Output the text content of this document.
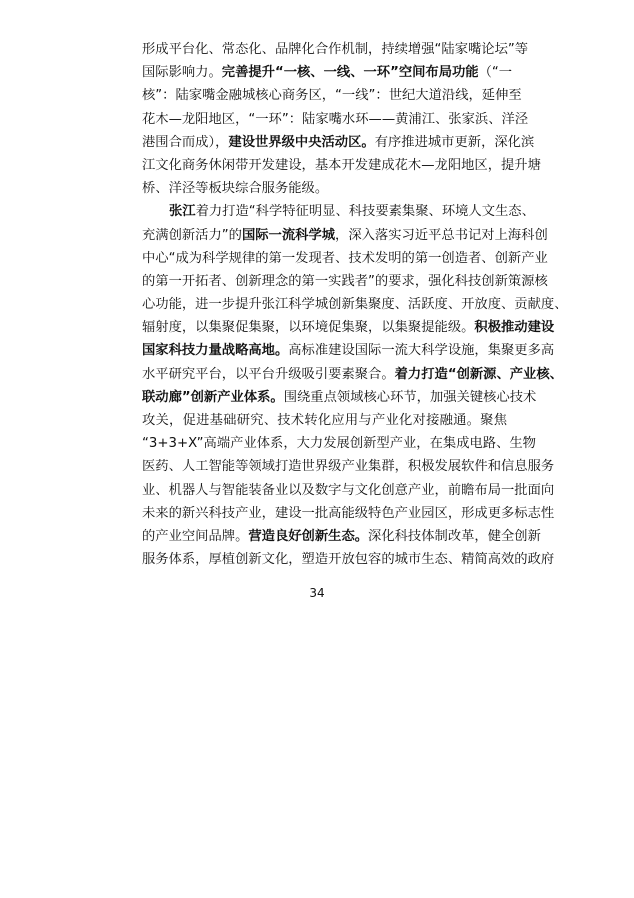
形成平台化、常态化、品牌化合作机制，持续增强“陆家嘴论坛”等
国际影响力。完善提升“一核、一线、一环”空间布局功能（“一
核”：陆家嘴金融城核心商务区，“一线”：世纪大道沿线，延伸至
花木—龙阳地区，“一环”：陆家嘴水环——黄浦江、张家浜、洋泾
港围合而成），建设世界级中央活动区。有序推进城市更新，深化滨
江文化商务休闲带开发建设，基本开发建成花木—龙阳地区，提升塘
桥、洋泾等板块综合服务能级。
张江着力打造“科学特征明显、科技要素集聚、环境人文生态、
充满创新活力”的国际一流科学城，深入落实习近平总书记对上海科创
中心“成为科学规律的第一发现者、技术发明的第一创造者、创新产业
的第一开拓者、创新理念的第一实践者”的要求，强化科技创新策源核
心功能，进一步提升张江科学城创新集聚度、活跃度、开放度、贡献度、
辐射度，以集聚促集聚，以环境促集聚，以集聚提能级。积极推动建设
国家科技力量战略高地。高标准建设国际一流大科学设施，集聚更多高
水平研究平台，以平台升级吸引要素聚合。着力打造“创新源、产业核、
联动廊”创新产业体系。围绕重点领域核心环节，加强关键核心技术
攻关，促进基础研究、技术转化应用与产业化对接融通。聚焦
“3+3+X”高端产业体系，大力发展创新型产业，在集成电路、生物
医药、人工智能等领域打造世界级产业集群，积极发展软件和信息服务
业、机器人与智能装备业以及数字与文化创意产业，前瞻布局一批面向
未来的新兴科技产业，建设一批高能级特色产业园区，形成更多标志性
的产业空间品牌。营造良好创新生态。深化科技体制改革，健全创新
服务体系，厚植创新文化，塑造开放包容的城市生态、精简高效的政府
34
